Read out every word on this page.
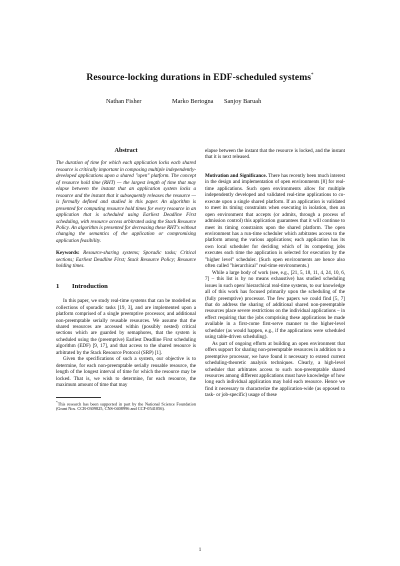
Resource-locking durations in EDF-scheduled systems*
Nathan Fisher	Marko Bertogna Sanjoy Baruah
Abstract
The duration of time for which each application locks each shared resource is critically important in composing multiple independently-developed applications upon a shared "open" platform. The concept of resource hold time (RHT) — the largest length of time that may elapse between the instant that an application system locks a resource and the instant that it subsequently releases the resource — is formally defined and studied in this paper. An algorithm is presented for computing resource hold times for every resource in an application that is scheduled using Earliest Deadline First scheduling, with resource access arbitrated using the Stack Resource Policy. An algorithm is presented for decreasing these RHT's without changing the semantics of the application or compromising application feasibility.
Keywords: Resource-sharing systems; Sporadic tasks; Critical sections; Earliest Deadline First; Stack Resource Policy; Resource holding times.
1 Introduction
In this paper, we study real-time systems that can be modelled as collections of sporadic tasks [19, 3], and are implemented upon a platform comprised of a single preemptive processor, and additional non-preemptable serially reusable resources. We assume that the shared resources are accessed within (possibly nested) critical sections which are guarded by semaphores, that the system is scheduled using the (preemptive) Earliest Deadline First scheduling algorithm (EDF) [9, 17], and that access to the shared resource is arbitrated by the Stack Resource Protocol (SRP) [1].
Given the specifications of such a system, our objective is to determine, for each non-preemptable serially reusable resource, the length of the longest interval of time for which the resource may be locked. That is, we wish to determine, for each resource, the maximum amount of time that may
*This research has been supported in part by the National Science Foundation (Grant Nos. CCR-0309825, CNS-0408996 and CCF-0541056).
elapse between the instant that the resource is locked, and the instant that it is next released.
Motivation and Significance. There has recently been much interest in the design and implementation of open environments [8] for real-time applications. Such open environments allow for multiple independently developed and validated real-time applications to co-execute upon a single shared platform. If an application is validated to meet its timing constraints when executing in isolation, then an open environment that accepts (or admits, through a process of admission control) this application guarantees that it will continue to meet its timing constraints upon the shared platform. The open environment has a run-time scheduler which arbitrates access to the platform among the various applications; each application has its own local scheduler for deciding which of its competing jobs executes each time the application is selected for execution by the "higher level" scheduler. (Such open environments are hence also often called "hierarchical" real-time environments.)
While a large body of work (see, e.g., [21, 5, 18, 11, 4, 24, 10, 6, 7] – this list is by no means exhaustive) has studied scheduling issues in such open/ hierarchical real-time systems, to our knowledge all of this work has focused primarily upon the scheduling of the (fully preemptive) processor. The few papers we could find [5, 7] that do address the sharing of additional shared non-preemptable resources place severe restrictions on the individual applications – in effect requiring that the jobs comprising these applications be made available in a first-come first-serve manner to the higher-level scheduler (as would happen, e.g., if the applications were scheduled using table-driven scheduling).
As part of ongoing efforts at building an open environment that offers support for sharing non-preemptable resources in addition to a preemptive processor, we have found it necessary to extend current scheduling-theoretic analysis techniques. Clearly, a high-level scheduler that arbitrates access to such non-preemptable shared resources among different applications must have knowledge of how long each individual application may hold each resource. Hence we find it necessary to characterize the application-wide (as opposed to task- or job-specific) usage of these
1
